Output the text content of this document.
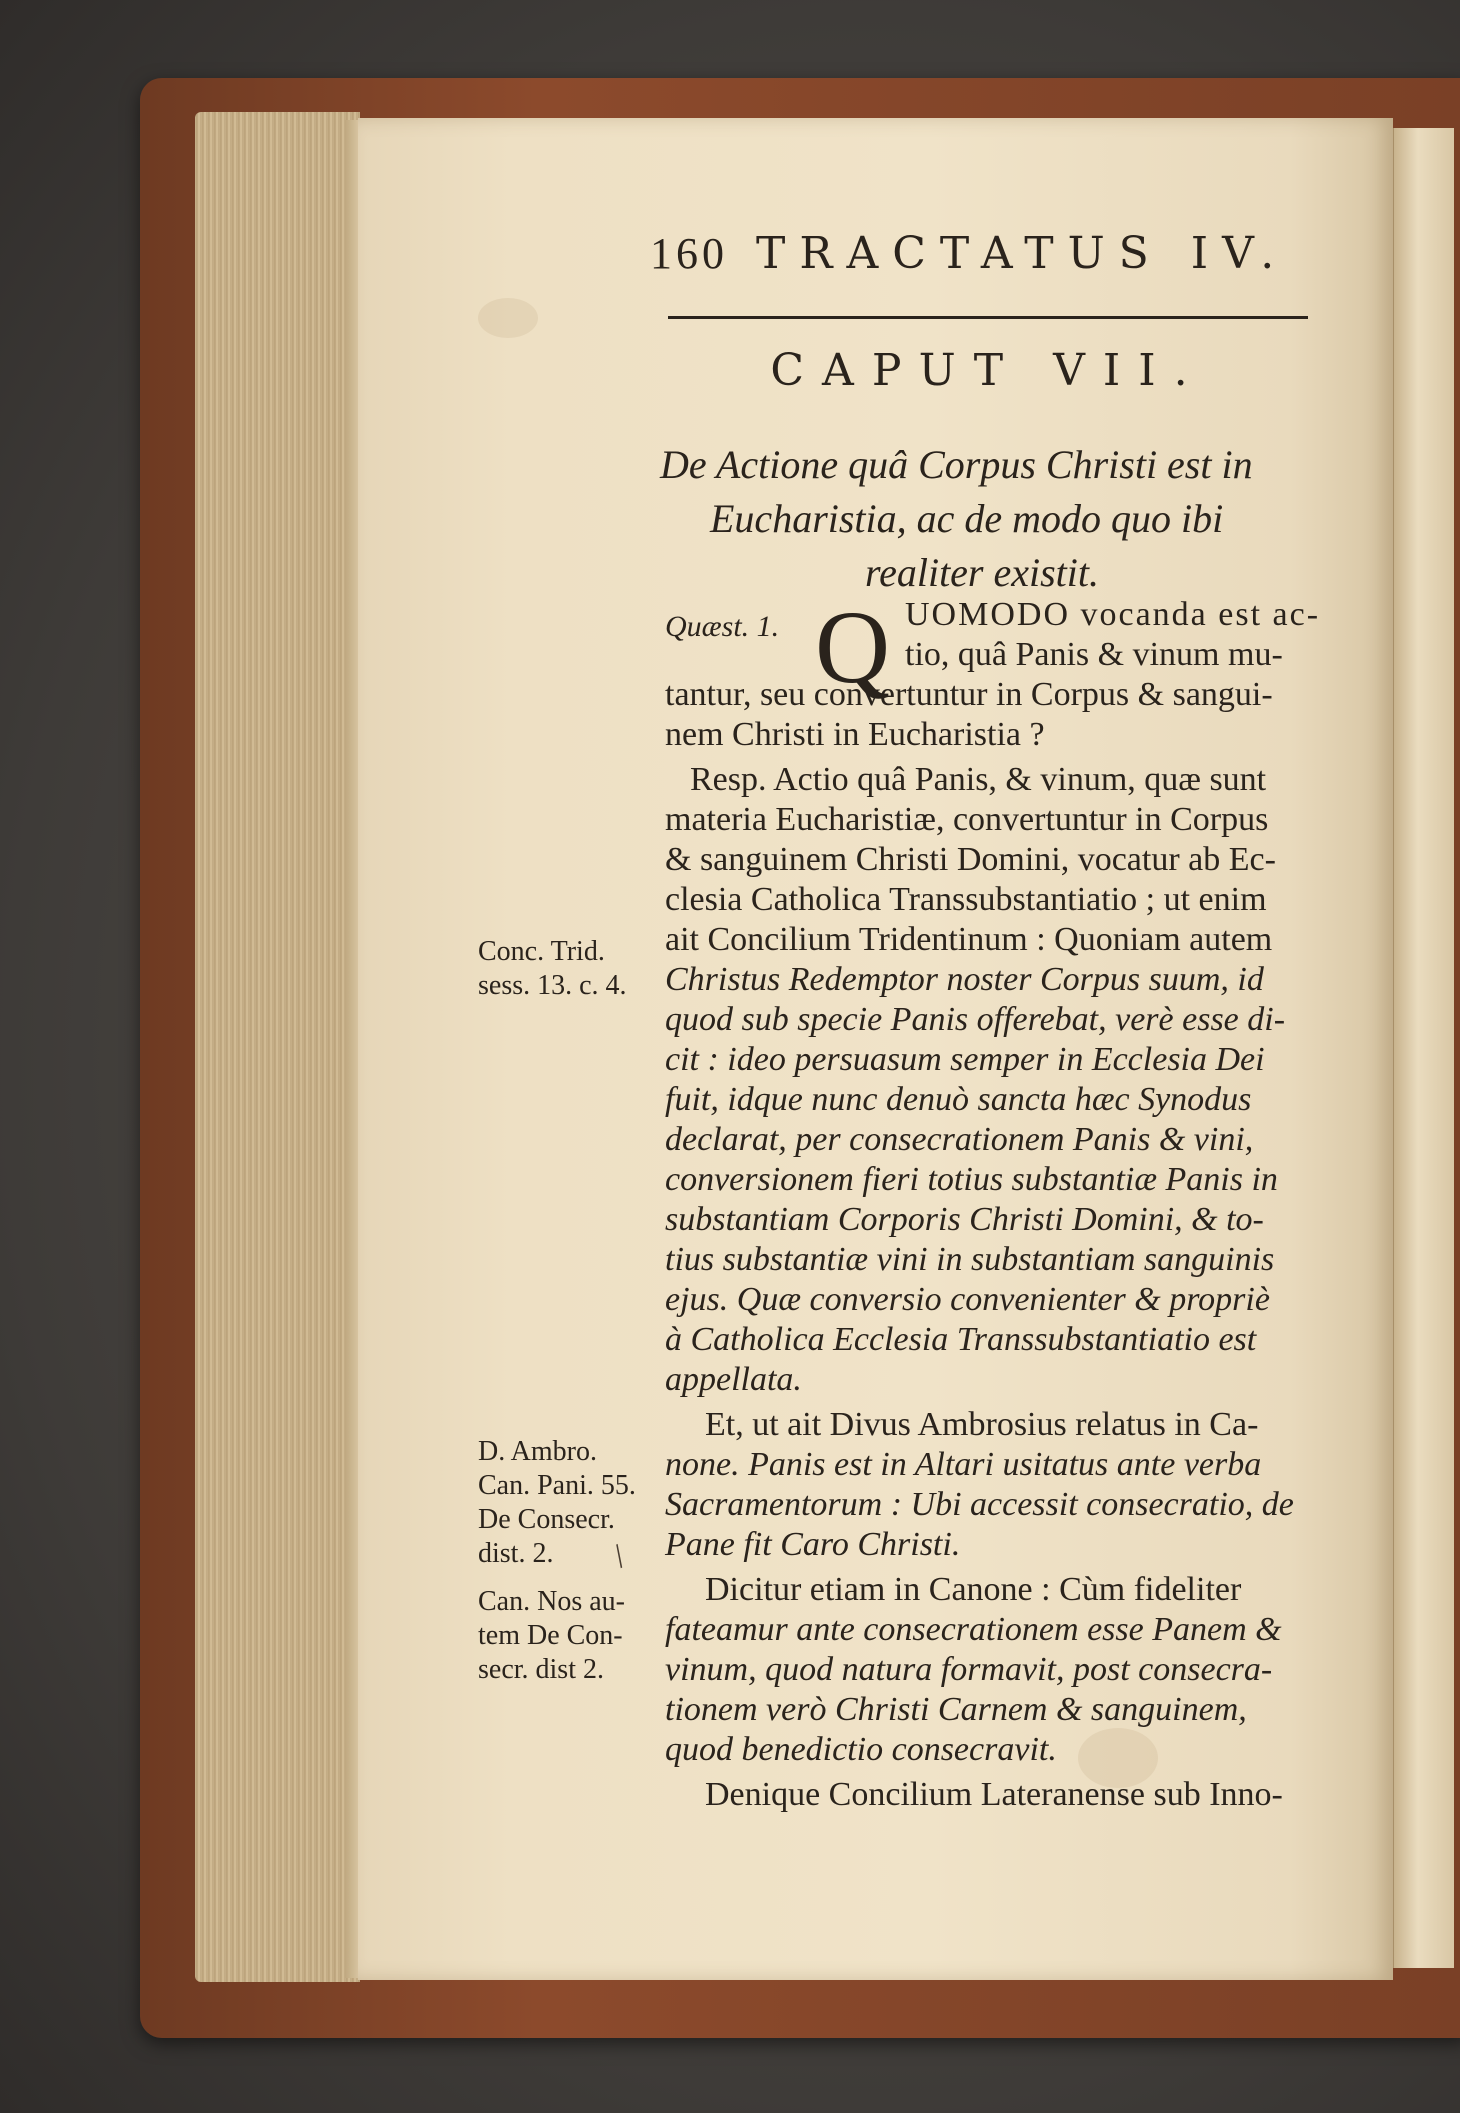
160 TRACTATUS IV.
CAPUT VII.
De Actione quâ Corpus Christi est in
Eucharistia, ac de modo quo ibi
realiter existit.
Quæst. 1.	UOMODO vocanda est ac-
tio, quâ Panis & vinum mu-
tantur, seu convertuntur in Corpus & sangui-
nem Christi in Eucharistia ?
Resp. Actio quâ Panis, & vinum, quæ sunt
materia Eucharistiæ, convertuntur in Corpus
& sanguinem Christi Domini, vocatur ab Ec-
clesia Catholica Transsubstantiatio ; ut enim
ait Concilium Tridentinum : Quoniam autem
Christus Redemptor noster Corpus suum, id
quod sub specie Panis offerebat, verè esse di-
cit : ideo persuasum semper in Ecclesia Dei
fuit, idque nunc denuò sancta hæc Synodus
declarat, per consecrationem Panis & vini,
conversionem fieri totius substantiæ Panis in
substantiam Corporis Christi Domini, & to-
tius substantiæ vini in substantiam sanguinis
ejus. Quæ conversio convenienter & propriè
à Catholica Ecclesia Transsubstantiatio est
appellata.
Et, ut ait Divus Ambrosius relatus in Ca-
none. Panis est in Altari usitatus ante verba
Sacramentorum : Ubi accessit consecratio, de
Pane fit Caro Christi.
Dicitur etiam in Canone : Cùm fideliter
fateamur ante consecrationem esse Panem &
vinum, quod natura formavit, post consecra-
tionem verò Christi Carnem & sanguinem,
quod benedictio consecravit.
Denique Concilium Lateranense sub Inno-
Q
Conc. Trid.
sess. 13. c. 4.
D. Ambro.
Can. Pani. 55.
De Consecr.
dist. 2.
Can. Nos au-
tem De Con-
secr. dist 2.
/
